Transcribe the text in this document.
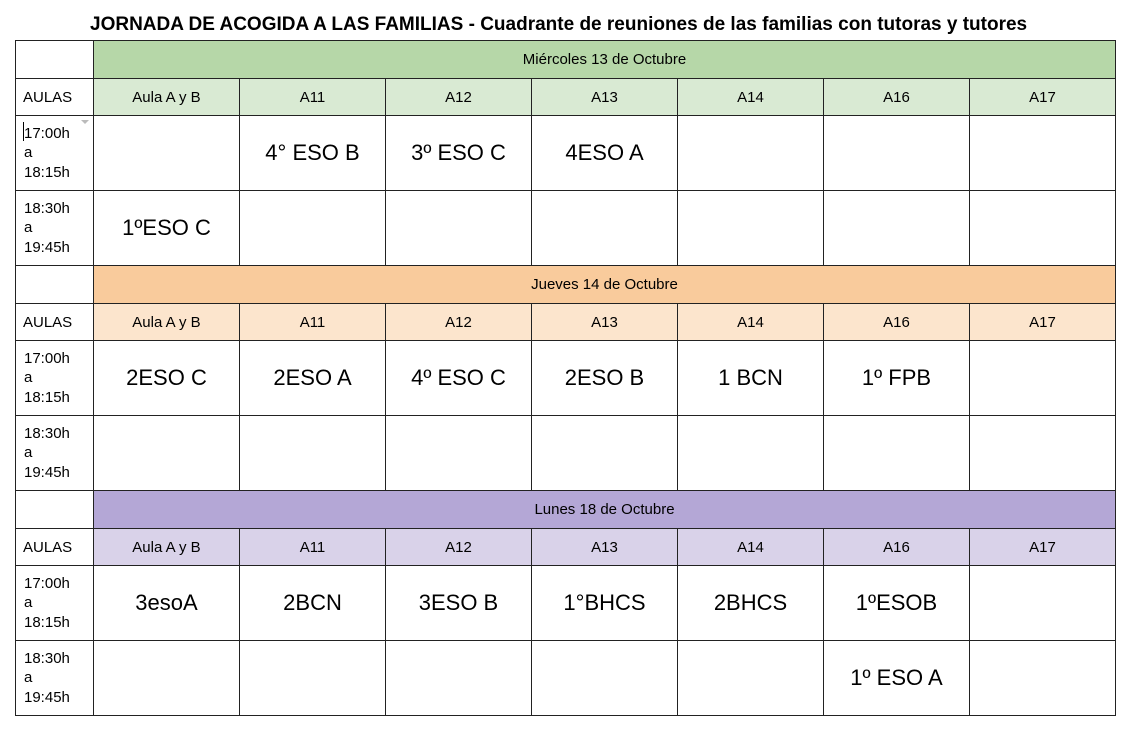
JORNADA DE ACOGIDA A LAS FAMILIAS - Cuadrante de reuniones de las familias con tutoras y tutores
	Miércoles 13 de Octubre						
AULAS	Aula A y B	A11	A12	A13	A14	A16	A17

17:00h
a
18:15h		4° ESO B	3º ESO C	4ESO A			

18:30h
a
19:45h	1ºESO C						
	Jueves 14 de Octubre						
AULAS	Aula A y B	A11	A12	A13	A14	A16	A17

17:00h
a
18:15h	2ESO C	2ESO A	4º ESO C	2ESO B	1 BCN	1º FPB	

18:30h
a
19:45h							

	Lunes 18 de Octubre						
AULAS	Aula A y B	A11	A12	A13	A14	A16	A17

17:00h
a
18:15h	3esoA	2BCN	3ESO B	1°BHCS	2BHCS	1ºESOB	

18:30h
a
19:45h						1º ESO A	
